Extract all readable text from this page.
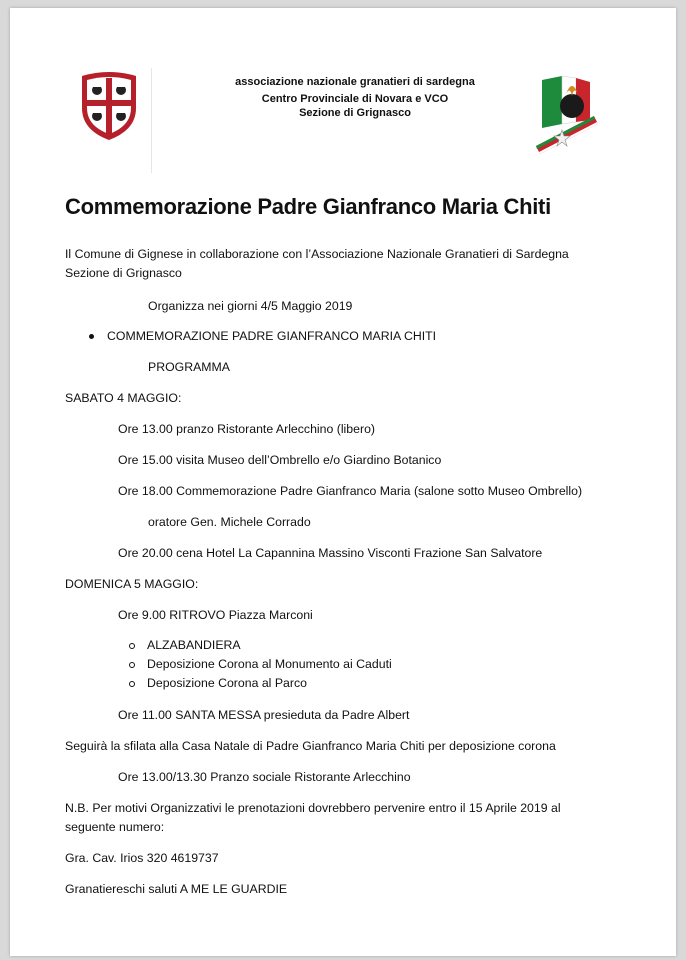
associazione nazionale granatieri di sardegna
Centro Provinciale di Novara e VCO
Sezione di Grignasco
Commemorazione Padre Gianfranco Maria Chiti
Il Comune di Gignese in collaborazione con l’Associazione Nazionale Granatieri di Sardegna
Sezione di Grignasco
Organizza nei giorni 4/5 Maggio 2019
COMMEMORAZIONE PADRE GIANFRANCO MARIA CHITI
PROGRAMMA
SABATO 4 MAGGIO:
Ore 13.00 pranzo Ristorante Arlecchino (libero)
Ore 15.00 visita Museo dell’Ombrello e/o Giardino Botanico
Ore 18.00 Commemorazione Padre Gianfranco Maria (salone sotto Museo Ombrello)
oratore Gen. Michele Corrado
Ore 20.00 cena Hotel La Capannina Massino Visconti Frazione San Salvatore
DOMENICA 5 MAGGIO:
Ore 9.00 RITROVO Piazza Marconi
ALZABANDIERA
Deposizione Corona al Monumento ai Caduti
Deposizione Corona al Parco
Ore 11.00 SANTA MESSA presieduta da Padre Albert
Seguirà la sfilata alla Casa Natale di Padre Gianfranco Maria Chiti per deposizione corona
Ore 13.00/13.30 Pranzo sociale Ristorante Arlecchino
N.B. Per motivi Organizzativi le prenotazioni dovrebbero pervenire entro il 15 Aprile 2019 al
seguente numero:
Gra. Cav. Irios 320 4619737
Granatiereschi saluti A ME LE GUARDIE
